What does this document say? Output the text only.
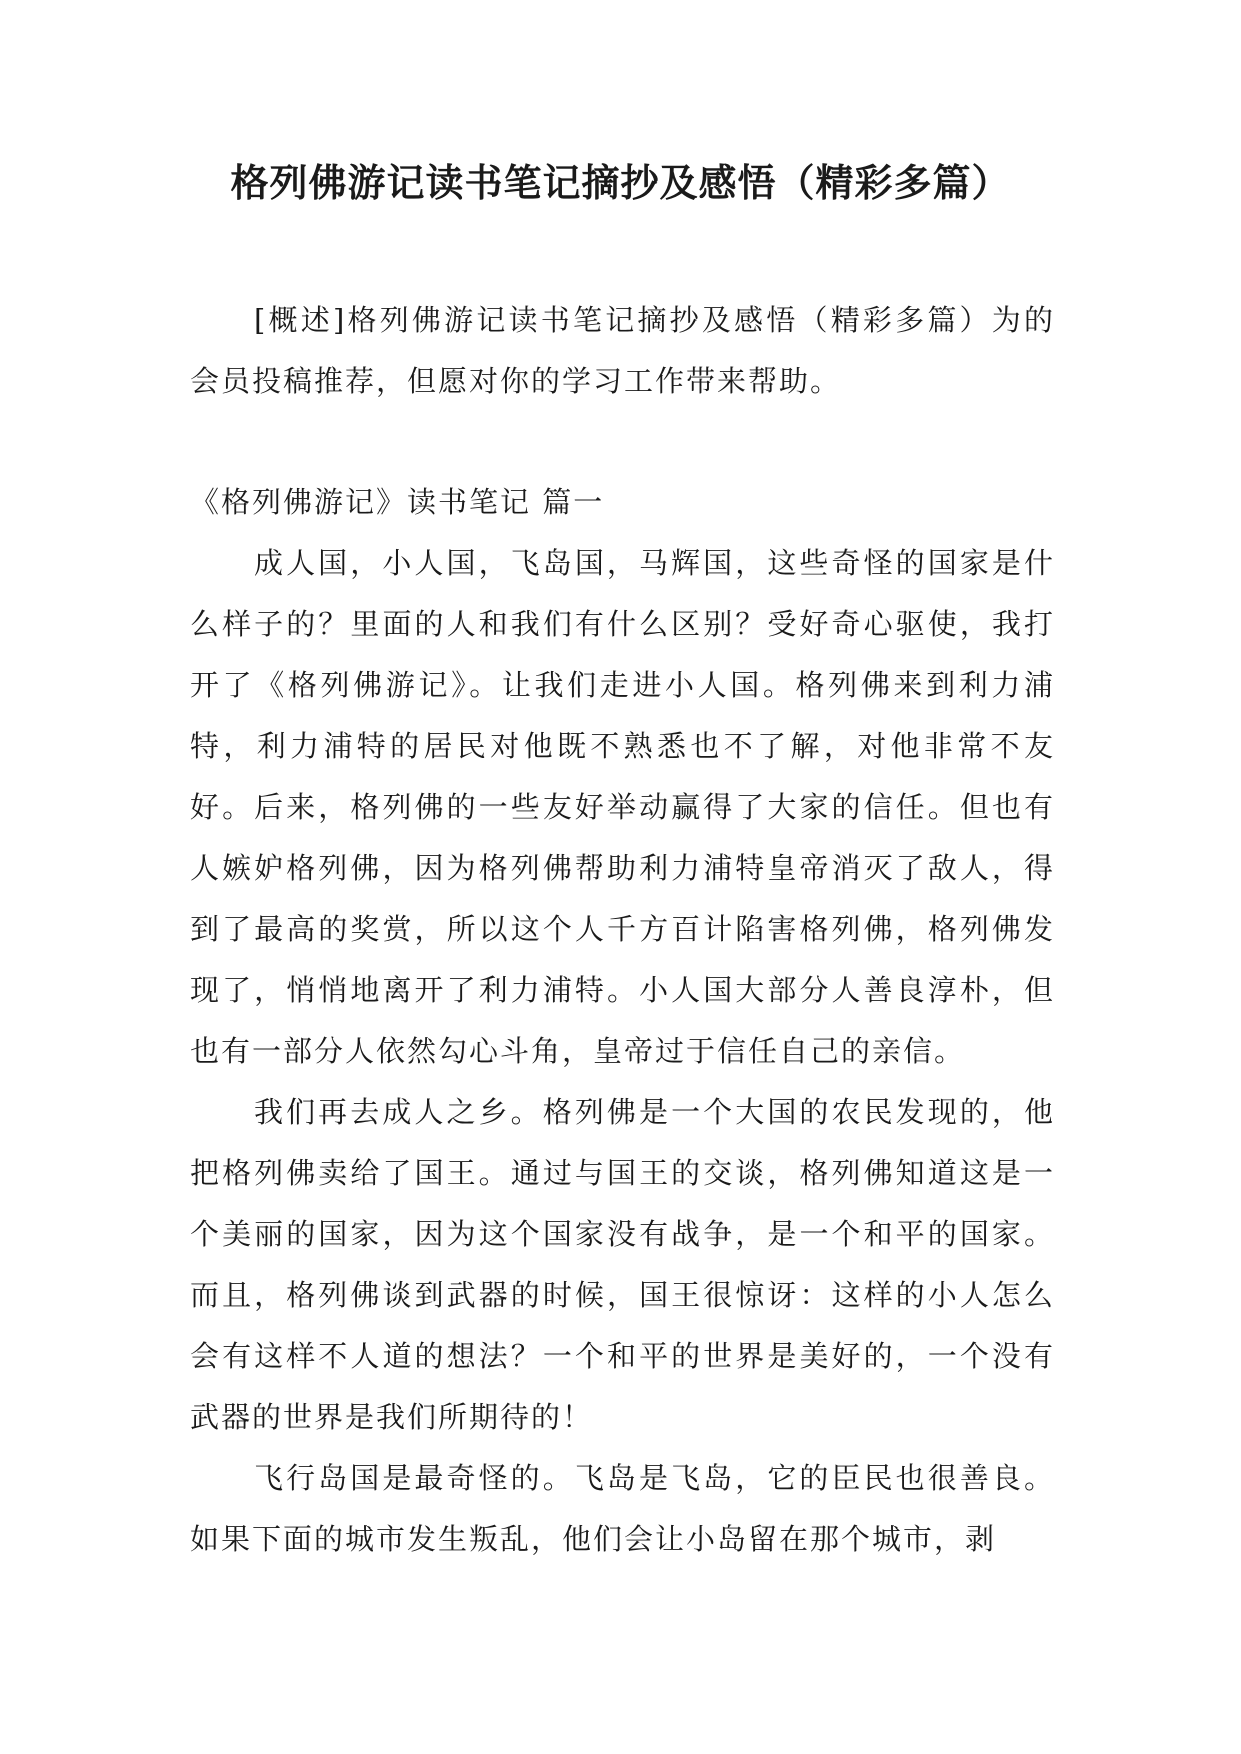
格列佛游记读书笔记摘抄及感悟（精彩多篇）

[概述]格列佛游记读书笔记摘抄及感悟（精彩多篇）为的会员投稿推荐，但愿对你的学习工作带来帮助。

《格列佛游记》读书笔记 篇一

成人国，小人国，飞岛国，马辉国，这些奇怪的国家是什么样子的？里面的人和我们有什么区别？受好奇心驱使，我打开了《格列佛游记》。让我们走进小人国。格列佛来到利力浦特，利力浦特的居民对他既不熟悉也不了解，对他非常不友好。后来，格列佛的一些友好举动赢得了大家的信任。但也有人嫉妒格列佛，因为格列佛帮助利力浦特皇帝消灭了敌人，得到了最高的奖赏，所以这个人千方百计陷害格列佛，格列佛发现了，悄悄地离开了利力浦特。小人国大部分人善良淳朴，但也有一部分人依然勾心斗角，皇帝过于信任自己的亲信。

我们再去成人之乡。格列佛是一个大国的农民发现的，他把格列佛卖给了国王。通过与国王的交谈，格列佛知道这是一个美丽的国家，因为这个国家没有战争，是一个和平的国家。而且，格列佛谈到武器的时候，国王很惊讶：这样的小人怎么会有这样不人道的想法？一个和平的世界是美好的，一个没有武器的世界是我们所期待的！

飞行岛国是最奇怪的。飞岛是飞岛，它的臣民也很善良。如果下面的城市发生叛乱，他们会让小岛留在那个城市，剥
